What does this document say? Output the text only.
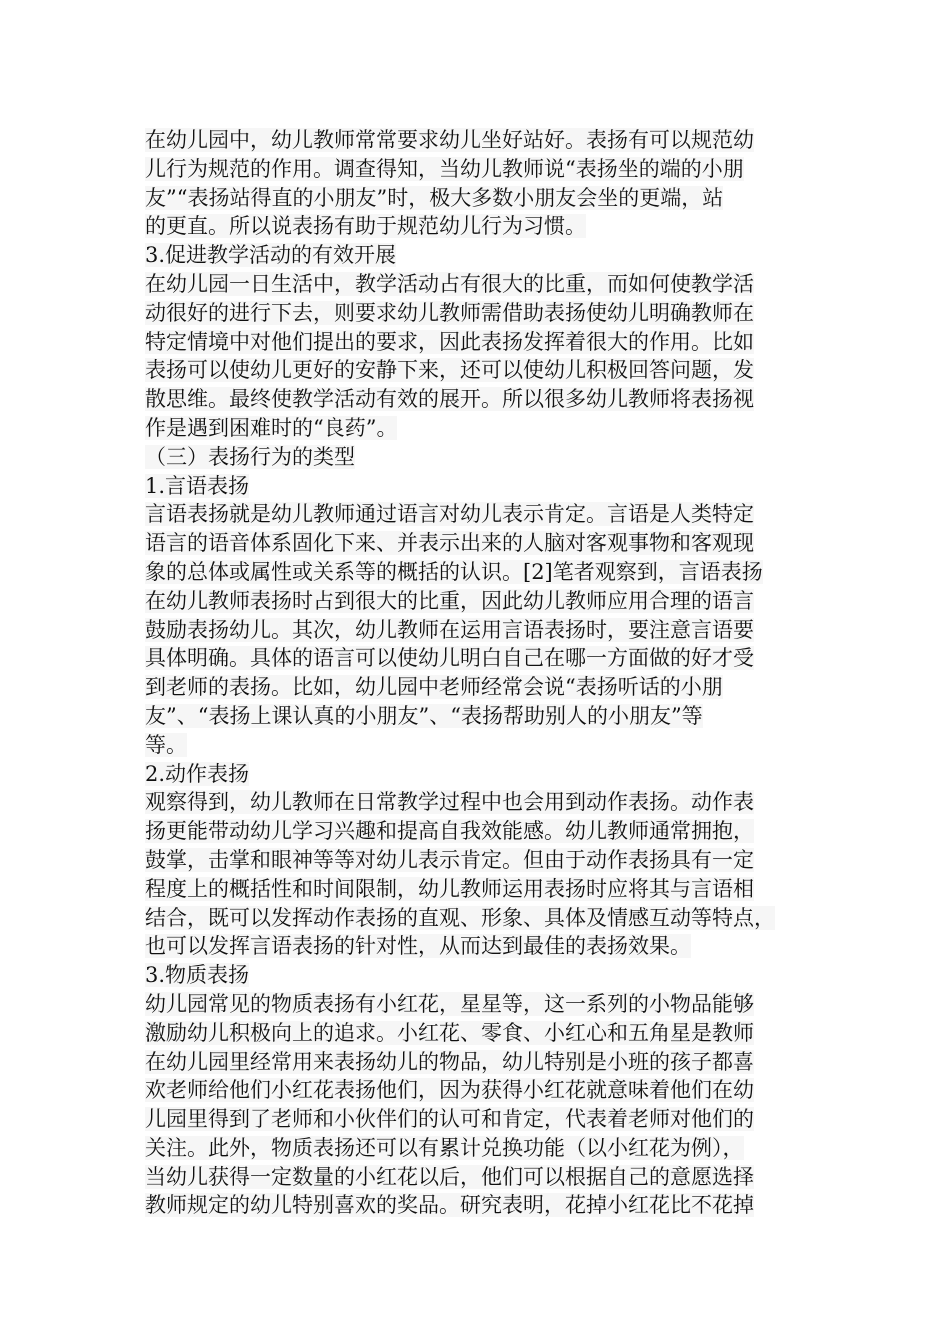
在幼儿园中，幼儿教师常常要求幼儿坐好站好。表扬有可以规范幼
儿行为规范的作用。调查得知，当幼儿教师说“表扬坐的端的小朋
友”“表扬站得直的小朋友”时，极大多数小朋友会坐的更端，站
的更直。所以说表扬有助于规范幼儿行为习惯。
3.促进教学活动的有效开展
在幼儿园一日生活中，教学活动占有很大的比重，而如何使教学活
动很好的进行下去，则要求幼儿教师需借助表扬使幼儿明确教师在
特定情境中对他们提出的要求，因此表扬发挥着很大的作用。比如
表扬可以使幼儿更好的安静下来，还可以使幼儿积极回答问题，发
散思维。最终使教学活动有效的展开。所以很多幼儿教师将表扬视
作是遇到困难时的“良药”。
（三）表扬行为的类型
1.言语表扬
言语表扬就是幼儿教师通过语言对幼儿表示肯定。言语是人类特定
语言的语音体系固化下来、并表示出来的人脑对客观事物和客观现
象的总体或属性或关系等的概括的认识。[2]笔者观察到，言语表扬
在幼儿教师表扬时占到很大的比重，因此幼儿教师应用合理的语言
鼓励表扬幼儿。其次，幼儿教师在运用言语表扬时，要注意言语要
具体明确。具体的语言可以使幼儿明白自己在哪一方面做的好才受
到老师的表扬。比如，幼儿园中老师经常会说“表扬听话的小朋
友”、“表扬上课认真的小朋友”、“表扬帮助别人的小朋友”等
等。
2.动作表扬
观察得到，幼儿教师在日常教学过程中也会用到动作表扬。动作表
扬更能带动幼儿学习兴趣和提高自我效能感。幼儿教师通常拥抱，
鼓掌，击掌和眼神等等对幼儿表示肯定。但由于动作表扬具有一定
程度上的概括性和时间限制，幼儿教师运用表扬时应将其与言语相
结合，既可以发挥动作表扬的直观、形象、具体及情感互动等特点，
也可以发挥言语表扬的针对性，从而达到最佳的表扬效果。
3.物质表扬
幼儿园常见的物质表扬有小红花，星星等，这一系列的小物品能够
激励幼儿积极向上的追求。小红花、零食、小红心和五角星是教师
在幼儿园里经常用来表扬幼儿的物品，幼儿特别是小班的孩子都喜
欢老师给他们小红花表扬他们，因为获得小红花就意味着他们在幼
儿园里得到了老师和小伙伴们的认可和肯定，代表着老师对他们的
关注。此外，物质表扬还可以有累计兑换功能（以小红花为例），
当幼儿获得一定数量的小红花以后，他们可以根据自己的意愿选择
教师规定的幼儿特别喜欢的奖品。研究表明，花掉小红花比不花掉
